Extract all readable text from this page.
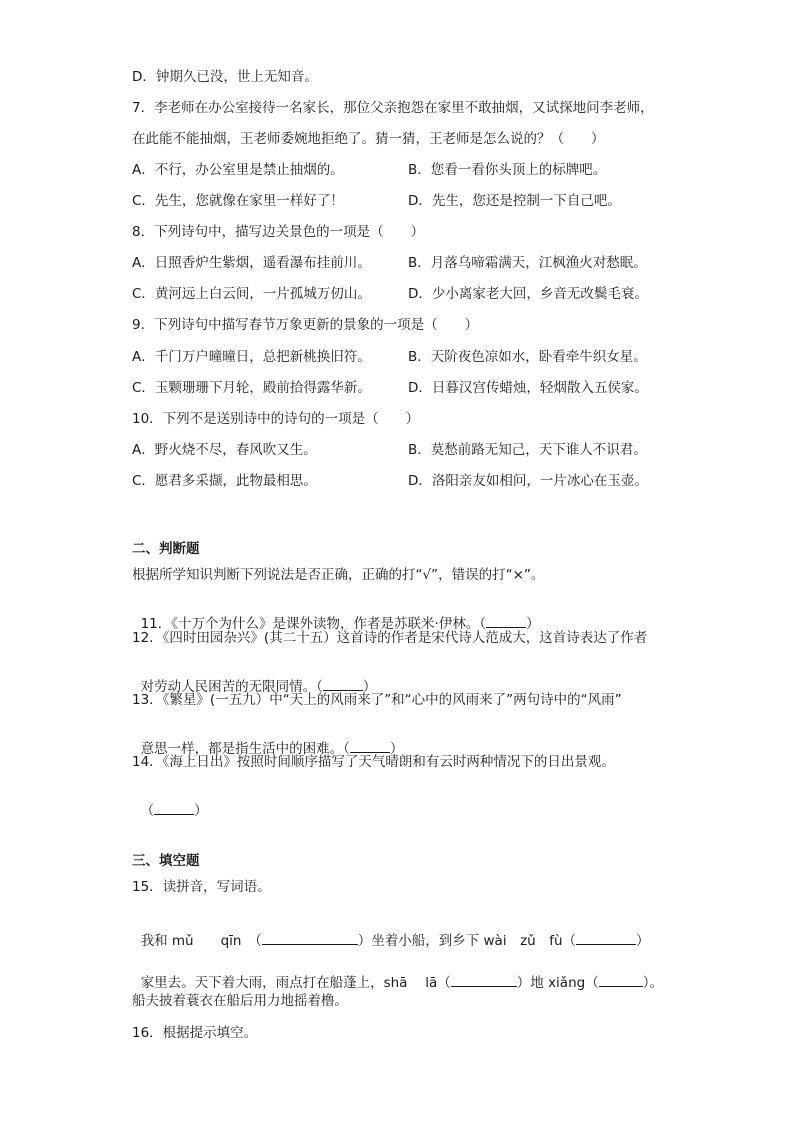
D．钟期久已没，世上无知音。
7．李老师在办公室接待一名家长，那位父亲抱怨在家里不敢抽烟，又试探地问李老师，
在此能不能抽烟，王老师委婉地拒绝了。猜一猜，王老师是怎么说的？（　　）
A．不行，办公室里是禁止抽烟的。	B．您看一看你头顶上的标牌吧。
C．先生，您就像在家里一样好了！	D．先生，您还是控制一下自己吧。
8．下列诗句中，描写边关景色的一项是（　　）
A．日照香炉生紫烟，遥看瀑布挂前川。	B．月落乌啼霜满天，江枫渔火对愁眠。
C．黄河远上白云间，一片孤城万仞山。	D．少小离家老大回，乡音无改鬓毛衰。
9．下列诗句中描写春节万象更新的景象的一项是（　　）
A．千门万户曈曈日，总把新桃换旧符。	B．天阶夜色凉如水，卧看牵牛织女星。
C．玉颗珊珊下月轮，殿前拾得露华新。	D．日暮汉宫传蜡烛，轻烟散入五侯家。
10．下列不是送别诗中的诗句的一项是（　　）
A．野火烧不尽，春风吹又生。	B．莫愁前路无知己，天下谁人不识君。
C．愿君多采撷，此物最相思。	D．洛阳亲友如相问，一片冰心在玉壶。
二、判断题
根据所学知识判断下列说法是否正确，正确的打“√”，错误的打“×”。

11．《十万个为什么》是课外读物，作者是苏联米·伊林。（	）

12．《四时田园杂兴》(其二十五）这首诗的作者是宋代诗人范成大，这首诗表达了作者

对劳动人民困苦的无限同情。（	）

13．《繁星》(一五九）中“天上的风雨来了”和“心中的风雨来了”两句诗中的“风雨”

意思一样，都是指生活中的困难。（	）

14．《海上日出》按照时间顺序描写了天气晴朗和有云时两种情况下的日出景观。

（	）

三、填空题
15．读拼音，写词语。

我和 mǔ　　qīn　（	）坐着小船，到乡下 wài　zǔ　fù（	）

家里去。天下着大雨，雨点打在船蓬上，shā　 lā（	）地 xiǎng（	）。

船夫披着蓑衣在船后用力地摇着橹。
16．根据提示填空。
